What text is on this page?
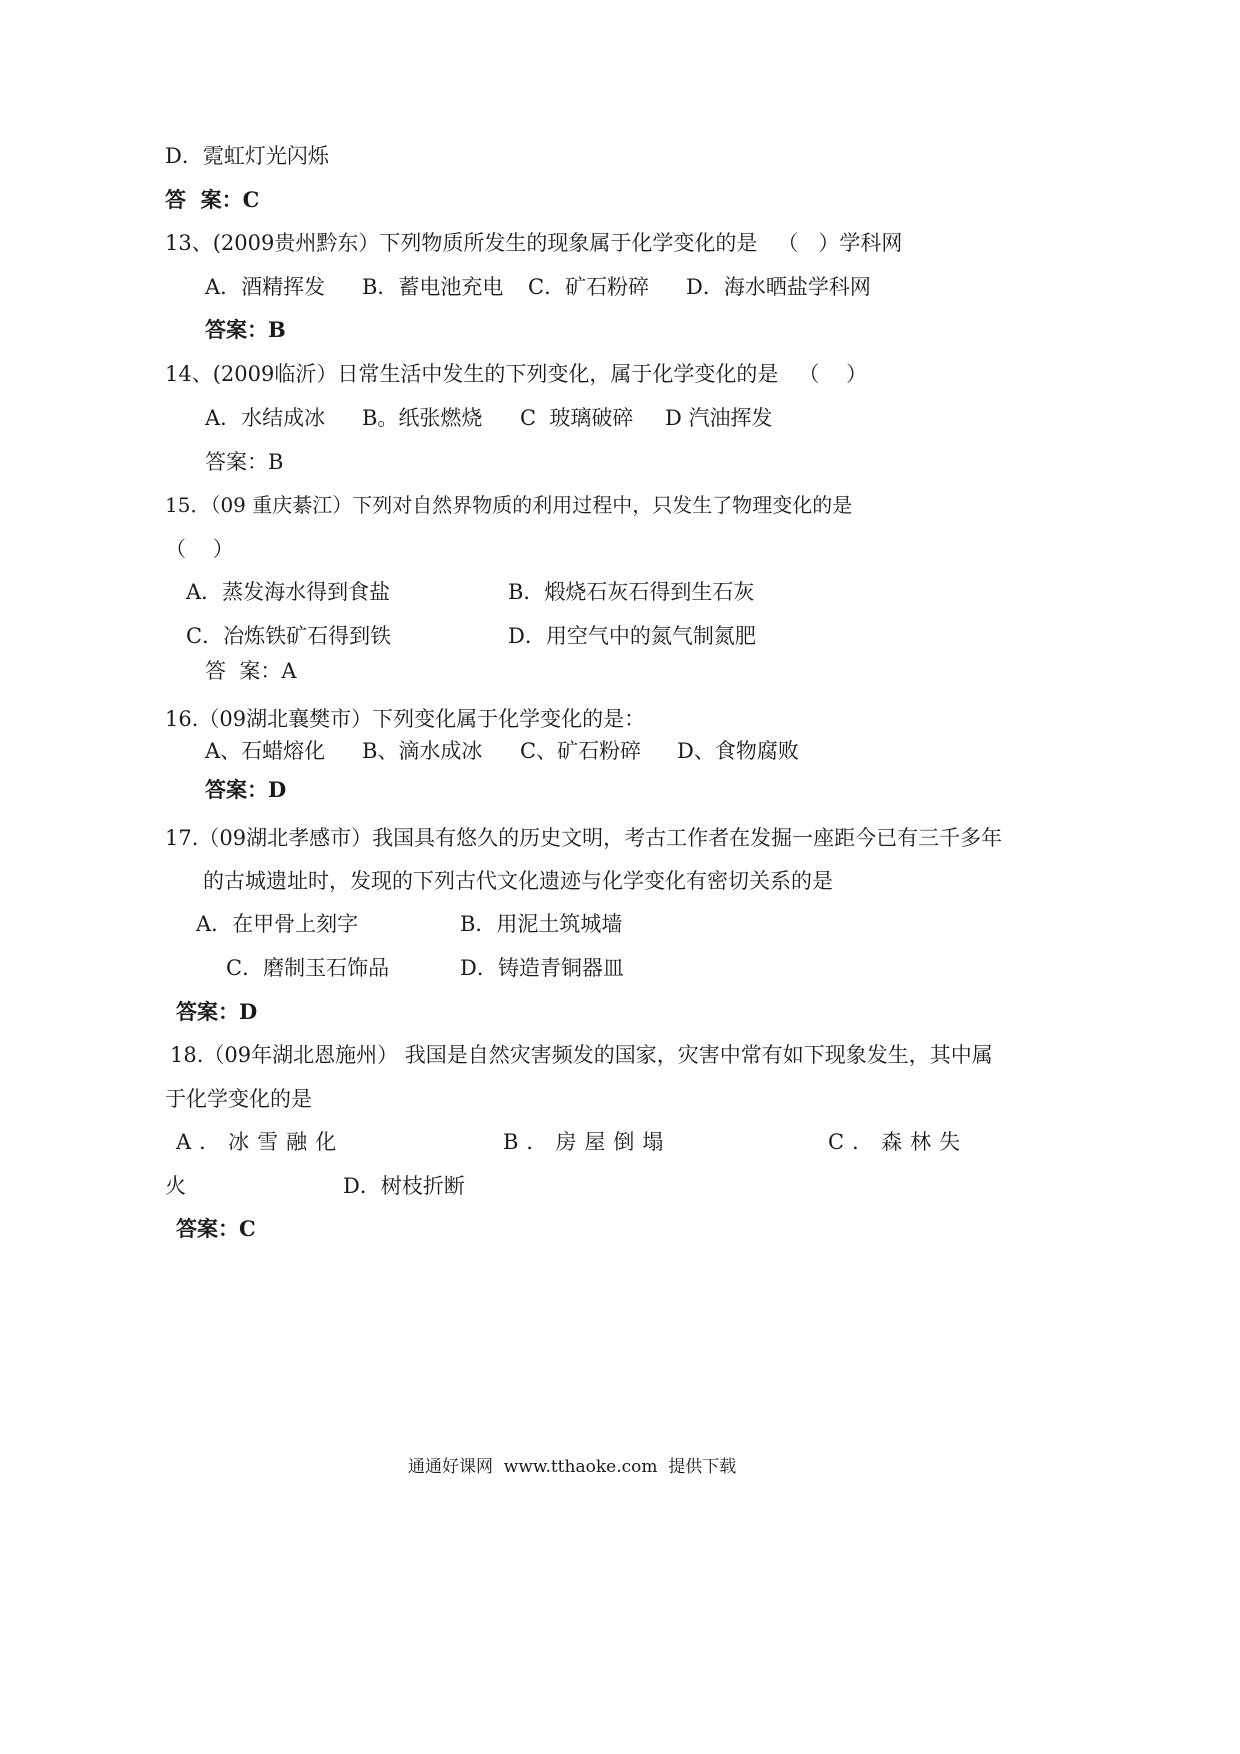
D．霓虹灯光闪烁
答  案：C
13、(2009贵州黔东）下列物质所发生的现象属于化学变化的是   （   ）学科网
A．酒精挥发 B．蓄电池充电 C．矿石粉碎 D．海水晒盐学科网
答案：B
14、(2009临沂）日常生活中发生的下列变化，属于化学变化的是   （    ）
A．水结成冰 B。纸张燃烧 C  玻璃破碎 D 汽油挥发
答案：B
15．（09 重庆綦江）下列对自然界物质的利用过程中，只发生了物理变化的是
（    ）
A．蒸发海水得到食盐	B．煅烧石灰石得到生石灰
C．冶炼铁矿石得到铁	D．用空气中的氮气制氮肥
答  案：A
16.（09湖北襄樊市）下列变化属于化学变化的是：
A、石蜡熔化 B、滴水成冰 C、矿石粉碎 D、食物腐败
答案：D
17.（09湖北孝感市）我国具有悠久的历史文明，考古工作者在发掘一座距今已有三千多年
的古城遗址时，发现的下列古代文化遗迹与化学变化有密切关系的是
A．在甲骨上刻字	B．用泥土筑城墙
C．磨制玉石饰品	D．铸造青铜器皿
答案：D
18.（09年湖北恩施州） 我国是自然灾害频发的国家，灾害中常有如下现象发生，其中属
于化学变化的是
A．冰雪融化	B．房屋倒塌	C．森林失
火	D．树枝折断
答案：C
通通好课网  www.tthaoke.com  提供下载
